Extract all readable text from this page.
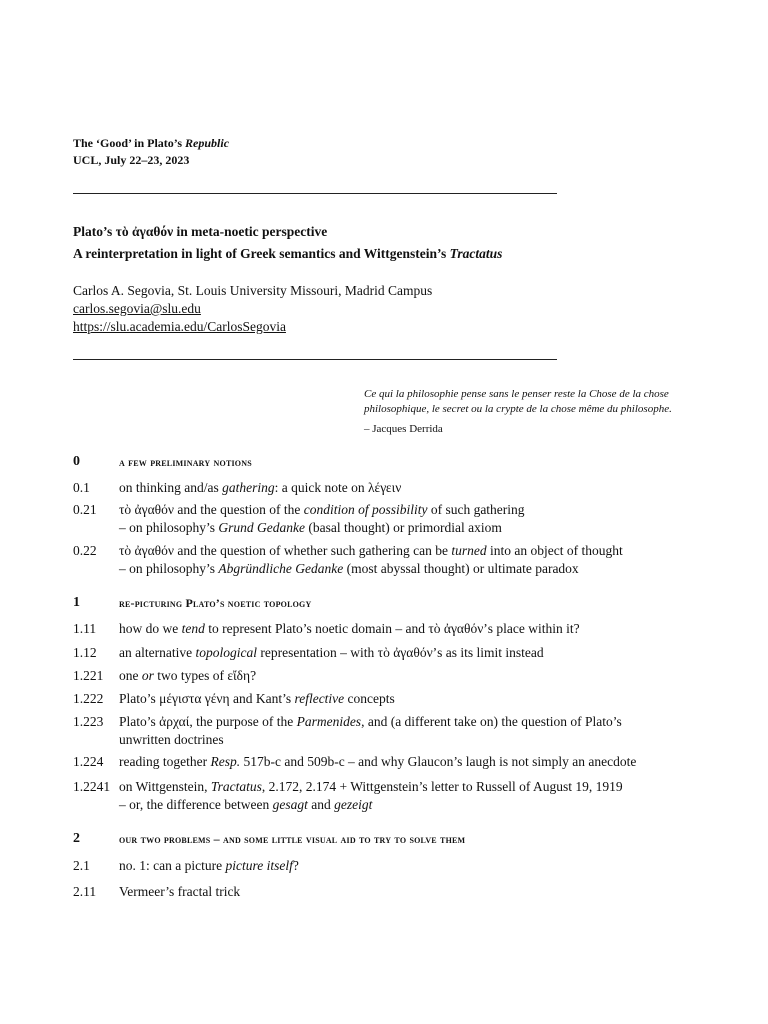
The ‘Good’ in Plato’s Republic
UCL, July 22–23, 2023
Plato’s τὸ ἀγαθόν in meta-noetic perspective
A reinterpretation in light of Greek semantics and Wittgenstein’s Tractatus
Carlos A. Segovia, St. Louis University Missouri, Madrid Campus
carlos.segovia@slu.edu
https://slu.academia.edu/CarlosSegovia
Ce qui la philosophie pense sans le penser reste la Chose de la chose philosophique, le secret ou la crypte de la chose même du philosophe.
– Jacques Derrida
0	a few preliminary notions
0.1 on thinking and/as gathering: a quick note on λέγειν
0.21 τὸ ἀγαθόν and the question of the condition of possibility of such gathering
– on philosophy’s Grund Gedanke (basal thought) or primordial axiom
0.22 τὸ ἀγαθόν and the question of whether such gathering can be turned into an object of thought
– on philosophy’s Abgründliche Gedanke (most abyssal thought) or ultimate paradox
1	re-picturing Plato’s noetic topology
1.11 how do we tend to represent Plato’s noetic domain – and τὸ ἀγαθόν’s place within it?
1.12 an alternative topological representation – with τὸ ἀγαθόν’s as its limit instead
1.221 one or two types of εἴδη?
1.222 Plato’s μέγιστα γένη and Kant’s reflective concepts
1.223 Plato’s ἀρχαί, the purpose of the Parmenides, and (a different take on) the question of Plato’s
unwritten doctrines
1.224 reading together Resp. 517b-c and 509b-c – and why Glaucon’s laugh is not simply an anecdote
1.2241 on Wittgenstein, Tractatus, 2.172, 2.174 + Wittgenstein’s letter to Russell of August 19, 1919
– or, the difference between gesagt and gezeigt
2	our two problems – and some little visual aid to try to solve them
2.1 no. 1: can a picture picture itself?
2.11 Vermeer’s fractal trick
